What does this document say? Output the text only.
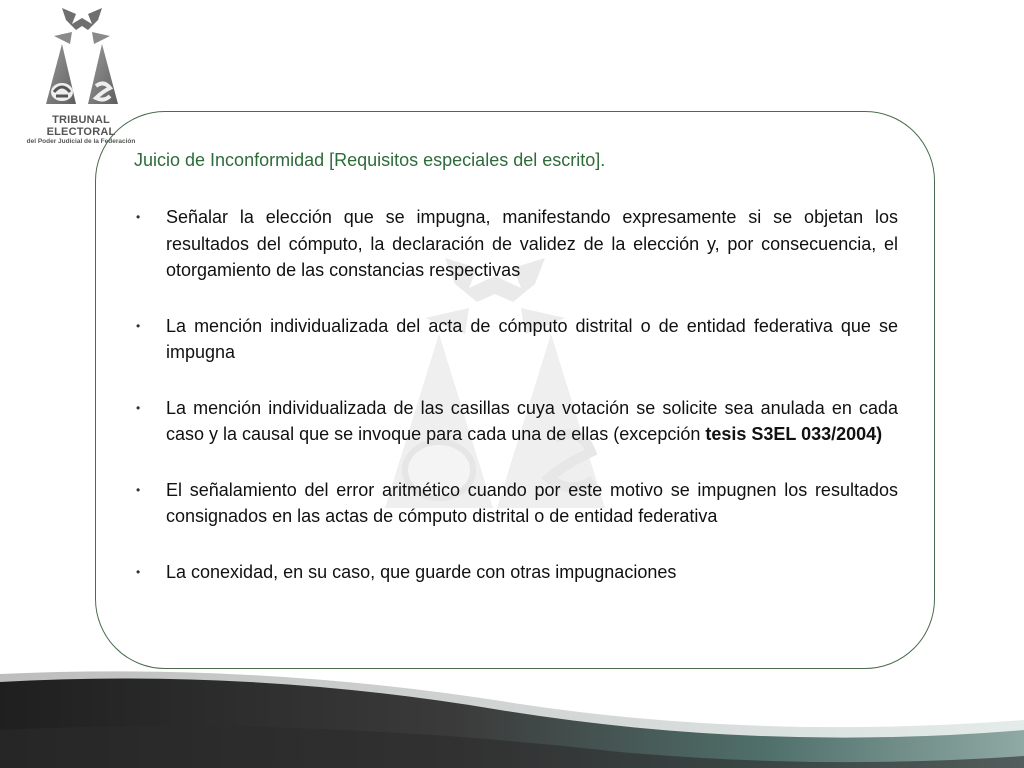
TRIBUNAL ELECTORAL
del Poder Judicial de la Federación
Juicio de Inconformidad [Requisitos especiales del escrito].
• Señalar la elección que se impugna, manifestando expresamente si se objetan los resultados del cómputo, la declaración de validez de la elección y, por consecuencia, el otorgamiento de las constancias respectivas
• La mención individualizada del acta de cómputo distrital o de entidad federativa que se impugna
• La mención individualizada de las casillas cuya votación se solicite sea anulada en cada caso y la causal que se invoque para cada una de ellas (excepción tesis S3EL 033/2004)
• El señalamiento del error aritmético cuando por este motivo se impugnen los resultados consignados en las actas de cómputo distrital o de entidad federativa
• La conexidad, en su caso, que guarde con otras impugnaciones
